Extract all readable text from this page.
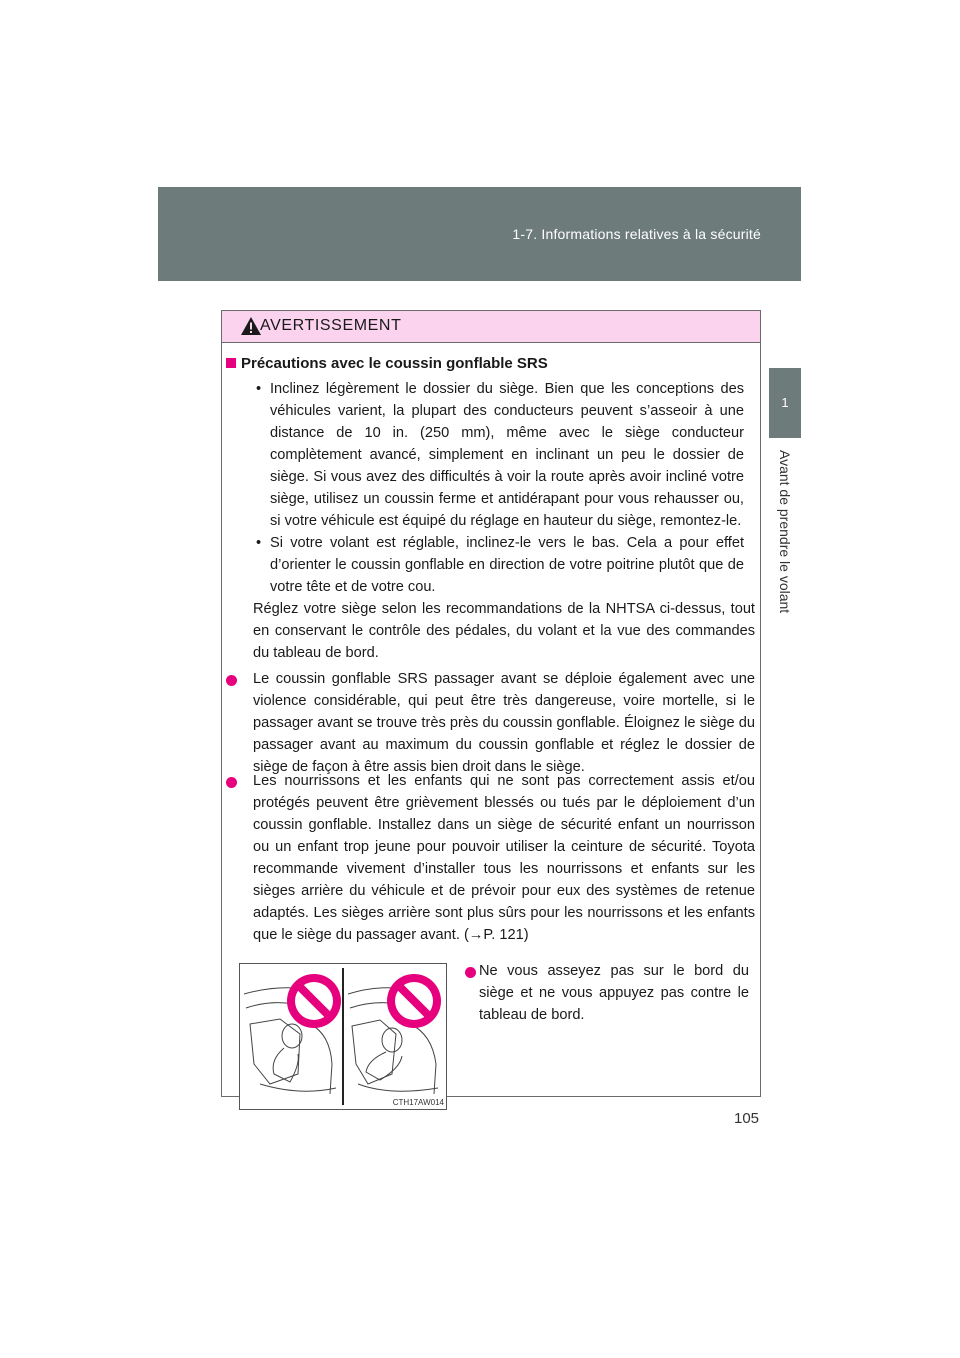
1-7. Informations relatives à la sécurité
1
Avant de prendre le volant
AVERTISSEMENT
Précautions avec le coussin gonflable SRS
• Inclinez légèrement le dossier du siège. Bien que les conceptions des véhicules varient, la plupart des conducteurs peuvent s’asseoir à une distance de 10 in. (250 mm), même avec le siège conducteur complètement avancé, simplement en inclinant un peu le dossier de siège. Si vous avez des difficultés à voir la route après avoir incliné votre siège, utilisez un coussin ferme et antidérapant pour vous rehausser ou, si votre véhicule est équipé du réglage en hauteur du siège, remontez-le.
• Si votre volant est réglable, inclinez-le vers le bas. Cela a pour effet d’orienter le coussin gonflable en direction de votre poitrine plutôt que de votre tête et de votre cou.
Réglez votre siège selon les recommandations de la NHTSA ci-dessus, tout en conservant le contrôle des pédales, du volant et la vue des commandes du tableau de bord.
Le coussin gonflable SRS passager avant se déploie également avec une violence considérable, qui peut être très dangereuse, voire mortelle, si le passager avant se trouve très près du coussin gonflable. Éloignez le siège du passager avant au maximum du coussin gonflable et réglez le dossier de siège de façon à être assis bien droit dans le siège.
Les nourrissons et les enfants qui ne sont pas correctement assis et/ou protégés peuvent être grièvement blessés ou tués par le déploiement d’un coussin gonflable. Installez dans un siège de sécurité enfant un nourrisson ou un enfant trop jeune pour pouvoir utiliser la ceinture de sécurité. Toyota recommande vivement d’installer tous les nourrissons et enfants sur les sièges arrière du véhicule et de prévoir pour eux des systèmes de retenue adaptés. Les sièges arrière sont plus sûrs pour les nourrissons et les enfants que le siège du passager avant. (→P. 121)
CTH17AW014
Ne vous asseyez pas sur le bord du siège et ne vous appuyez pas contre le tableau de bord.
105
